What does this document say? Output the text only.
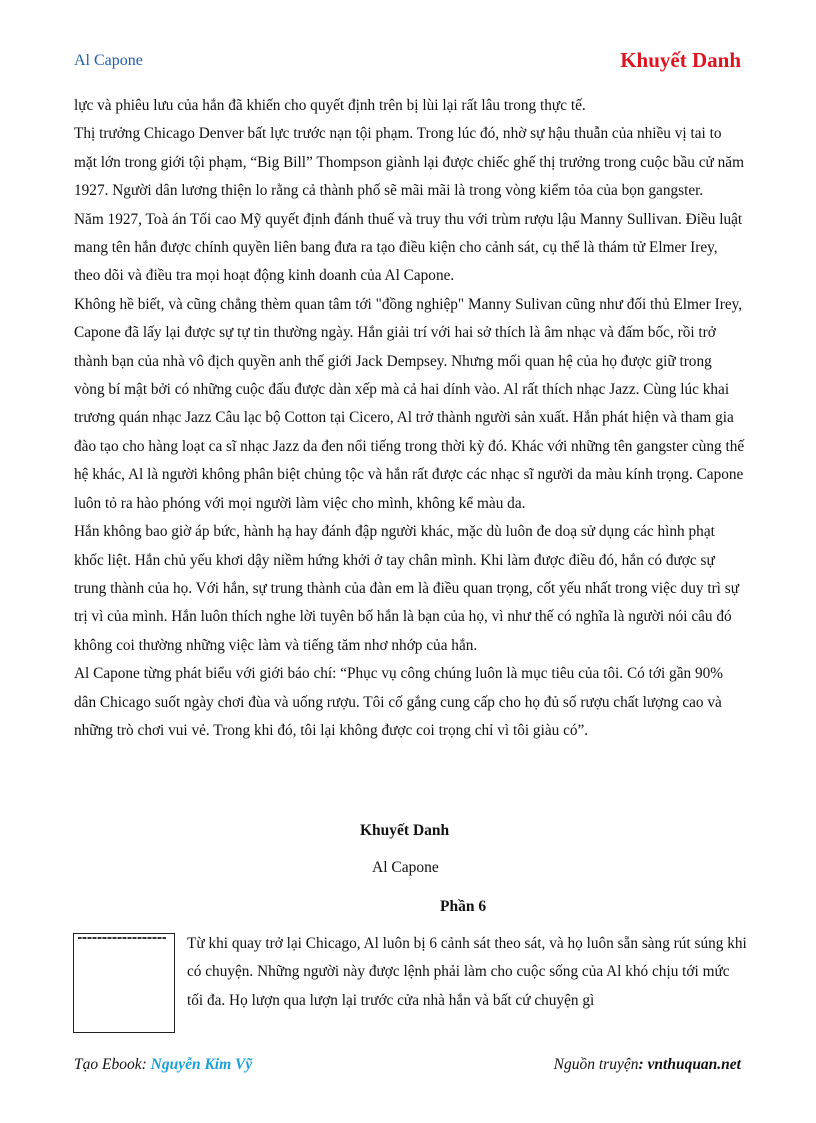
Al Capone	Khuyết Danh

lực và phiêu lưu của hắn đã khiến cho quyết định trên bị lùi lại rất lâu trong thực tế.

Thị trưởng Chicago Denver bất lực trước nạn tội phạm. Trong lúc đó, nhờ sự hậu thuẫn của nhiều vị tai to mặt lớn trong giới tội phạm, “Big Bill” Thompson giành lại được chiếc ghế thị trưởng trong cuộc bầu cử năm 1927. Người dân lương thiện lo rằng cả thành phố sẽ mãi mãi là trong vòng kiểm tỏa của bọn gangster.

Năm 1927, Toà án Tối cao Mỹ quyết định đánh thuế và truy thu với trùm rượu lậu Manny Sullivan. Điều luật mang tên hắn được chính quyền liên bang đưa ra tạo điều kiện cho cảnh sát, cụ thể là thám tử Elmer Irey, theo dõi và điều tra mọi hoạt động kinh doanh của Al Capone.

Không hề biết, và cũng chẳng thèm quan tâm tới "đồng nghiệp" Manny Sulivan cũng như đối thủ Elmer Irey, Capone đã lấy lại được sự tự tin thường ngày. Hắn giải trí với hai sở thích là âm nhạc và đấm bốc, rồi trở thành bạn của nhà vô địch quyền anh thế giới Jack Dempsey. Nhưng mối quan hệ của họ được giữ trong vòng bí mật bởi có những cuộc đấu được dàn xếp mà cả hai dính vào. Al rất thích nhạc Jazz. Cùng lúc khai trương quán nhạc Jazz Câu lạc bộ Cotton tại Cicero, Al trở thành người sản xuất. Hắn phát hiện và tham gia đào tạo cho hàng loạt ca sĩ nhạc Jazz da đen nổi tiếng trong thời kỳ đó. Khác với những tên gangster cùng thế hệ khác, Al là người không phân biệt chủng tộc và hắn rất được các nhạc sĩ người da màu kính trọng. Capone luôn tỏ ra hào phóng với mọi người làm việc cho mình, không kể màu da.

Hắn không bao giờ áp bức, hành hạ hay đánh đập người khác, mặc dù luôn đe doạ sử dụng các hình phạt khốc liệt. Hắn chủ yếu khơi dậy niềm hứng khởi ở tay chân mình. Khi làm được điều đó, hắn có được sự trung thành của họ. Với hắn, sự trung thành của đàn em là điều quan trọng, cốt yếu nhất trong việc duy trì sự trị vì của mình. Hắn luôn thích nghe lời tuyên bố hắn là bạn của họ, vì như thế có nghĩa là người nói câu đó không coi thường những việc làm và tiếng tăm nhơ nhớp của hắn.

Al Capone từng phát biểu với giới báo chí: “Phục vụ công chúng luôn là mục tiêu của tôi. Có tới gần 90% dân Chicago suốt ngày chơi đùa và uống rượu. Tôi cố gắng cung cấp cho họ đủ số rượu chất lượng cao và những trò chơi vui vẻ. Trong khi đó, tôi lại không được coi trọng chỉ vì tôi giàu có”.

Khuyết Danh
Al Capone
Phần 6

Từ khi quay trở lại Chicago, Al luôn bị 6 cảnh sát theo sát, và họ luôn sẵn sàng rút súng khi có chuyện. Những người này được lệnh phải làm cho cuộc sống của Al khó chịu tới mức tối đa. Họ lượn qua lượn lại trước cửa nhà hắn và bất cứ chuyện gì

Tạo Ebook: Nguyễn Kim Vỹ	Nguồn truyện: vnthuquan.net
